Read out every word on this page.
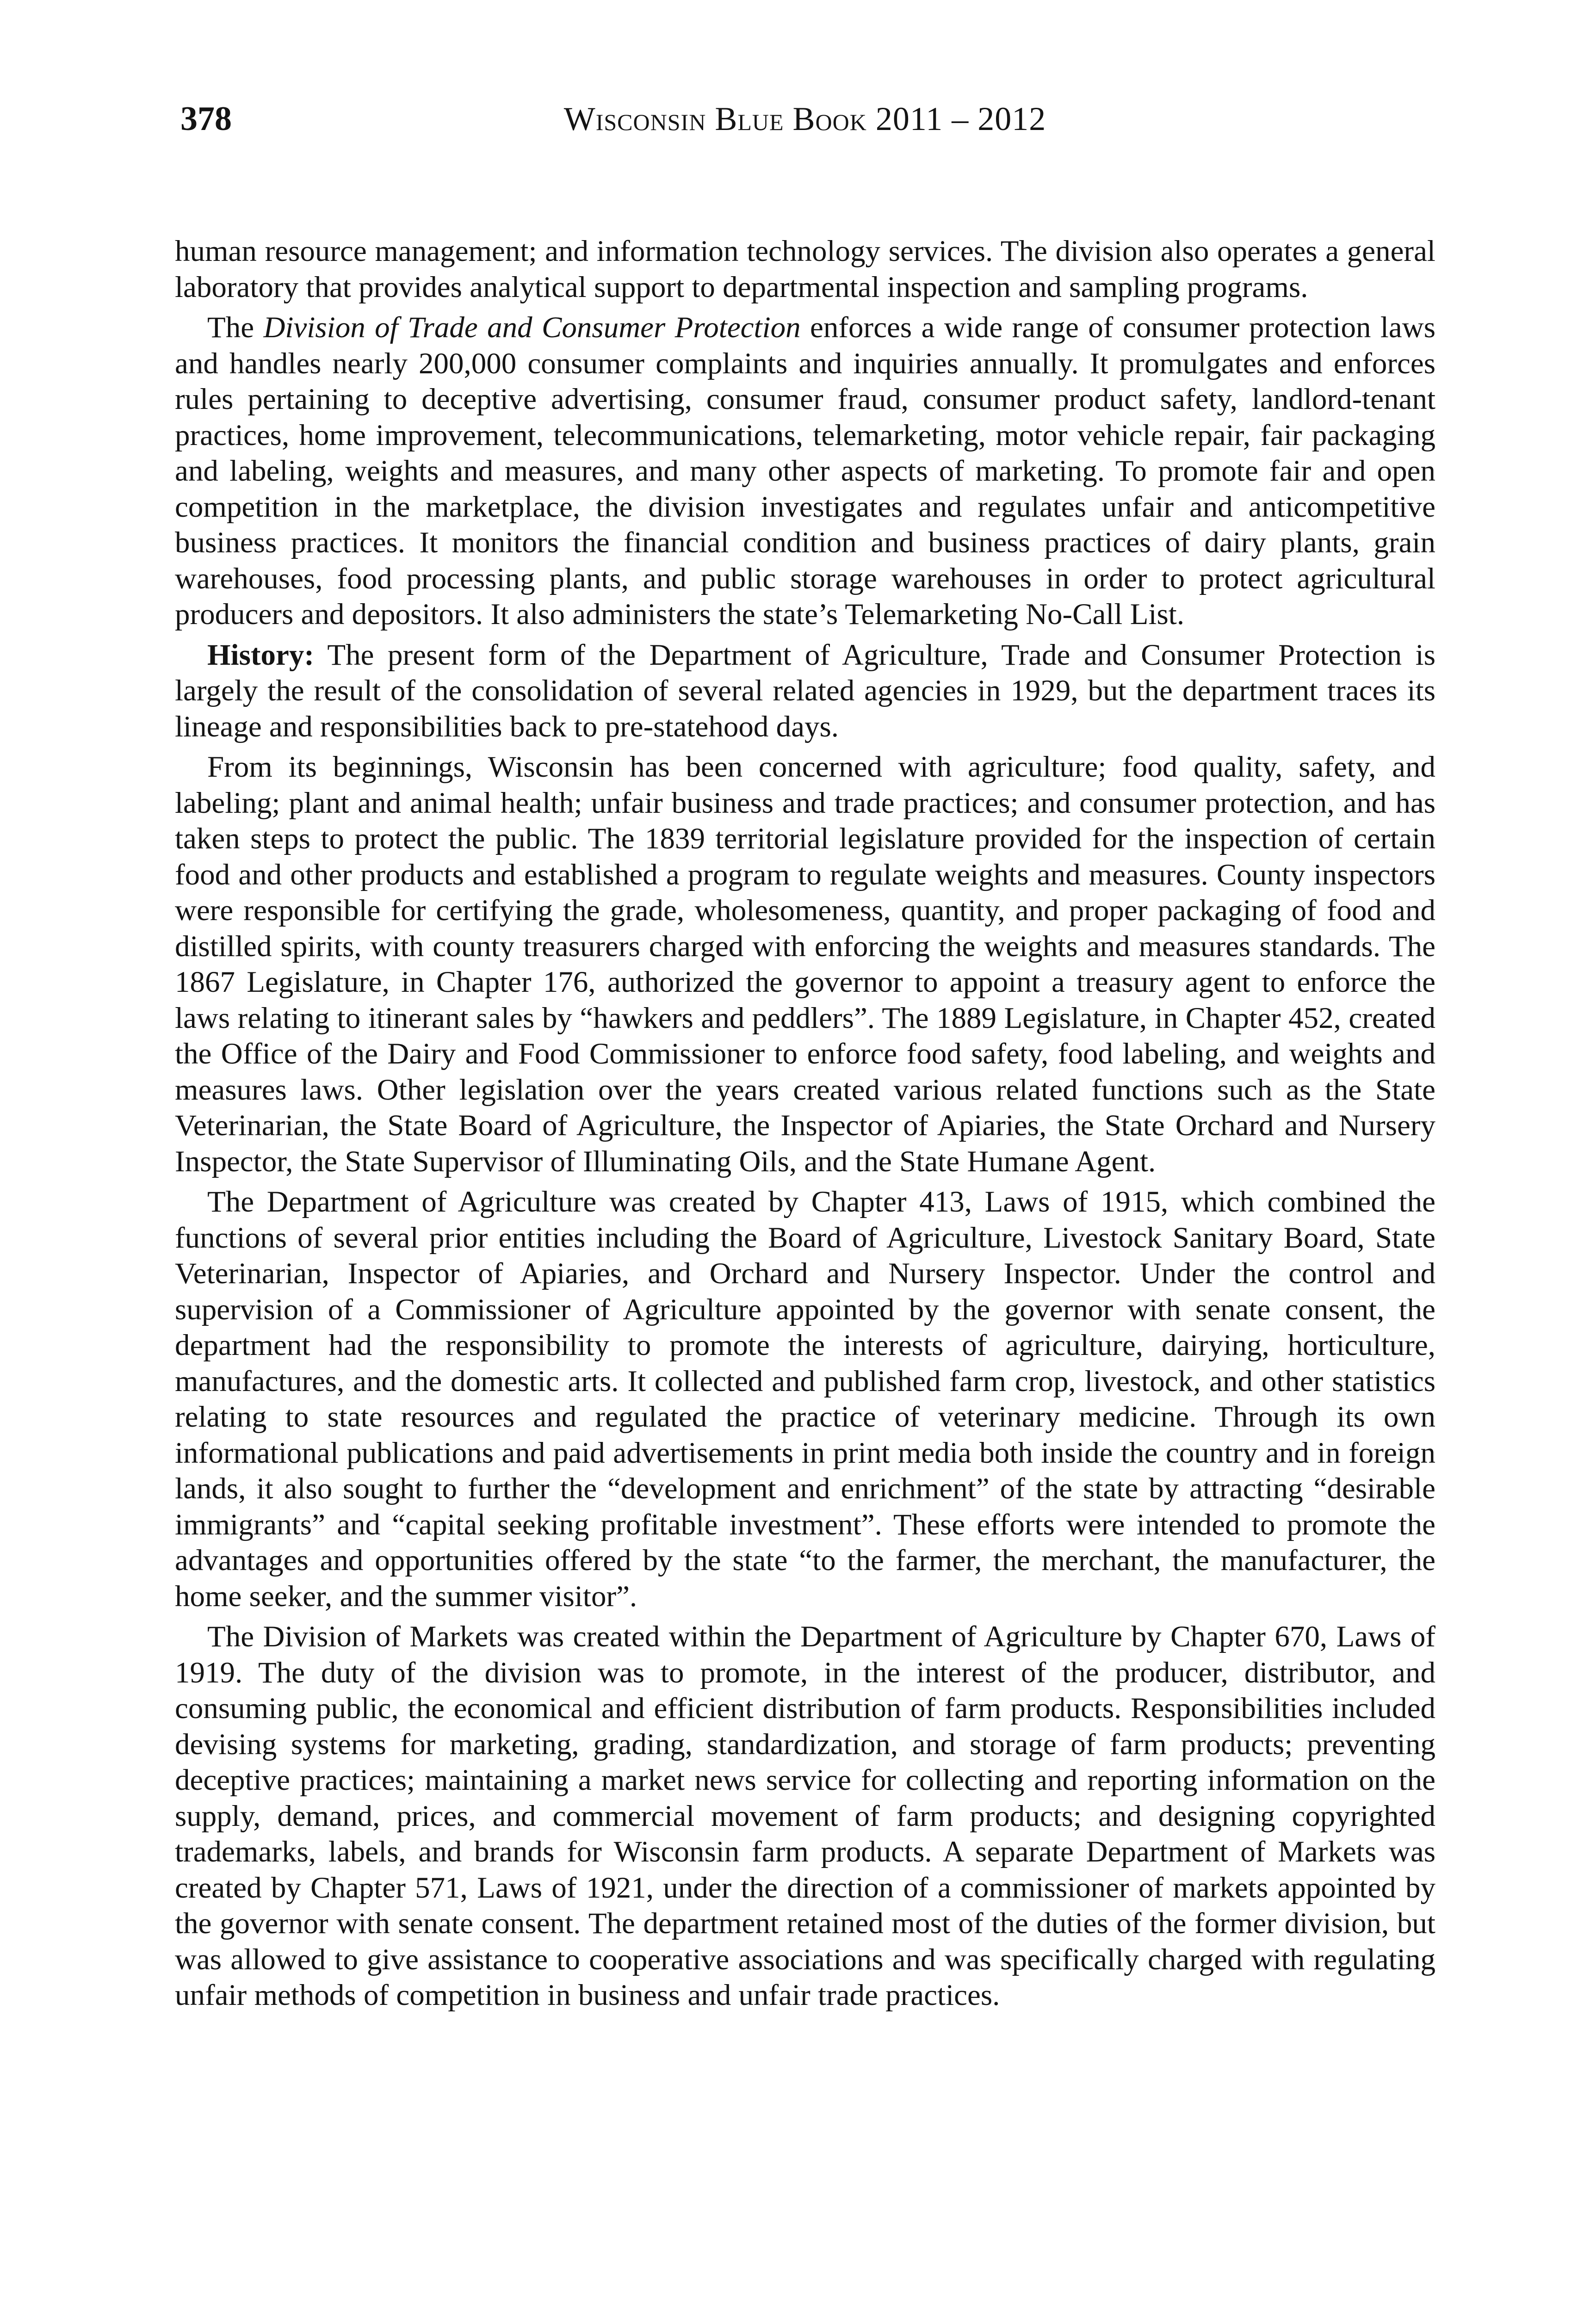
378	Wisconsin Blue Book 2011 – 2012

human resource management; and information technology services. The division also operates a general laboratory that provides analytical support to departmental inspection and sampling programs.

The Division of Trade and Consumer Protection enforces a wide range of consumer protection laws and handles nearly 200,000 consumer complaints and inquiries annually. It promulgates and enforces rules pertaining to deceptive advertising, consumer fraud, consumer product safety, landlord-tenant practices, home improvement, telecommunications, telemarketing, motor vehicle repair, fair packaging and labeling, weights and measures, and many other aspects of marketing. To promote fair and open competition in the marketplace, the division investigates and regulates unfair and anticompetitive business practices. It monitors the financial condition and business practices of dairy plants, grain warehouses, food processing plants, and public storage warehouses in order to protect agricultural producers and depositors. It also administers the state’s Telemarketing No-Call List.

History: The present form of the Department of Agriculture, Trade and Consumer Protection is largely the result of the consolidation of several related agencies in 1929, but the department traces its lineage and responsibilities back to pre-statehood days.

From its beginnings, Wisconsin has been concerned with agriculture; food quality, safety, and labeling; plant and animal health; unfair business and trade practices; and consumer protection, and has taken steps to protect the public. The 1839 territorial legislature provided for the inspection of certain food and other products and established a program to regulate weights and measures. County inspectors were responsible for certifying the grade, wholesomeness, quantity, and proper packaging of food and distilled spirits, with county treasurers charged with enforcing the weights and measures standards. The 1867 Legislature, in Chapter 176, authorized the governor to appoint a treasury agent to enforce the laws relating to itinerant sales by “hawkers and peddlers”. The 1889 Legislature, in Chapter 452, created the Office of the Dairy and Food Commissioner to enforce food safety, food labeling, and weights and measures laws. Other legislation over the years created various related functions such as the State Veterinarian, the State Board of Agriculture, the Inspector of Apiaries, the State Orchard and Nursery Inspector, the State Supervisor of Illuminating Oils, and the State Humane Agent.

The Department of Agriculture was created by Chapter 413, Laws of 1915, which combined the functions of several prior entities including the Board of Agriculture, Livestock Sanitary Board, State Veterinarian, Inspector of Apiaries, and Orchard and Nursery Inspector. Under the control and supervision of a Commissioner of Agriculture appointed by the governor with senate consent, the department had the responsibility to promote the interests of agriculture, dairying, horticulture, manufactures, and the domestic arts. It collected and published farm crop, livestock, and other statistics relating to state resources and regulated the practice of veterinary medicine. Through its own informational publications and paid advertisements in print media both inside the country and in foreign lands, it also sought to further the “development and enrichment” of the state by attracting “desirable immigrants” and “capital seeking profitable investment”. These efforts were intended to promote the advantages and opportunities offered by the state “to the farmer, the merchant, the manufacturer, the home seeker, and the summer visitor”.

The Division of Markets was created within the Department of Agriculture by Chapter 670, Laws of 1919. The duty of the division was to promote, in the interest of the producer, distributor, and consuming public, the economical and efficient distribution of farm products. Responsibilities included devising systems for marketing, grading, standardization, and storage of farm products; preventing deceptive practices; maintaining a market news service for collecting and reporting information on the supply, demand, prices, and commercial movement of farm products; and designing copyrighted trademarks, labels, and brands for Wisconsin farm products. A separate Department of Markets was created by Chapter 571, Laws of 1921, under the direction of a commissioner of markets appointed by the governor with senate consent. The department retained most of the duties of the former division, but was allowed to give assistance to cooperative associations and was specifically charged with regulating unfair methods of competition in business and unfair trade practices.
